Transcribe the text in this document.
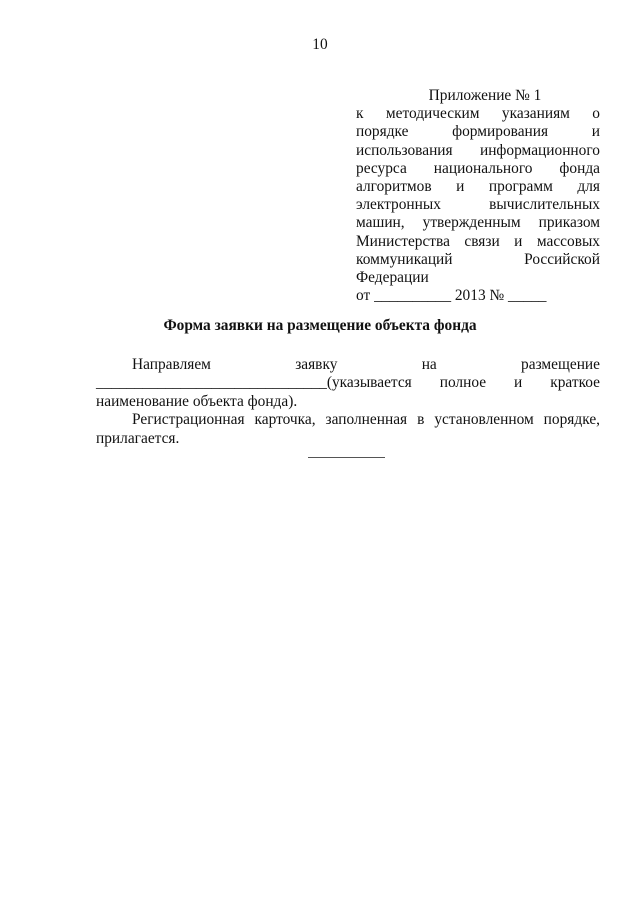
10
Приложение № 1
к методическим указаниям о
порядке формирования и
использования информационного
ресурса национального фонда
алгоритмов и программ для
электронных вычислительных
машин, утвержденным приказом
Министерства связи и массовых
коммуникаций Российской
Федерации
от __________ 2013 № _____
Форма заявки на размещение объекта фонда
Направляем заявку на размещение
______________________________(указывается полное и краткое
наименование объекта фонда).
Регистрационная карточка, заполненная в установленном порядке,
прилагается.
